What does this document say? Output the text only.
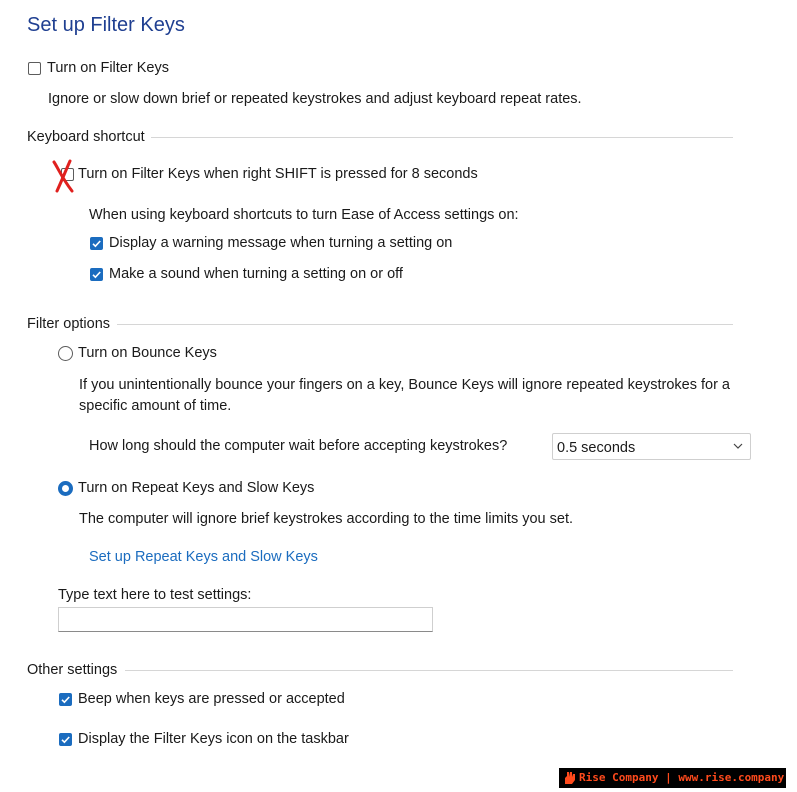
Set up Filter Keys
Turn on Filter Keys
Ignore or slow down brief or repeated keystrokes and adjust keyboard repeat rates.
Keyboard shortcut
Turn on Filter Keys when right SHIFT is pressed for 8 seconds
When using keyboard shortcuts to turn Ease of Access settings on:
Display a warning message when turning a setting on
Make a sound when turning a setting on or off
Filter options
Turn on Bounce Keys
If you unintentionally bounce your fingers on a key, Bounce Keys will ignore repeated keystrokes for a specific amount of time.
How long should the computer wait before accepting keystrokes?	0.5 seconds
Turn on Repeat Keys and Slow Keys
The computer will ignore brief keystrokes according to the time limits you set.
Set up Repeat Keys and Slow Keys
Type text here to test settings:
Other settings
Beep when keys are pressed or accepted
Display the Filter Keys icon on the taskbar
Rise Company | www.rise.company
